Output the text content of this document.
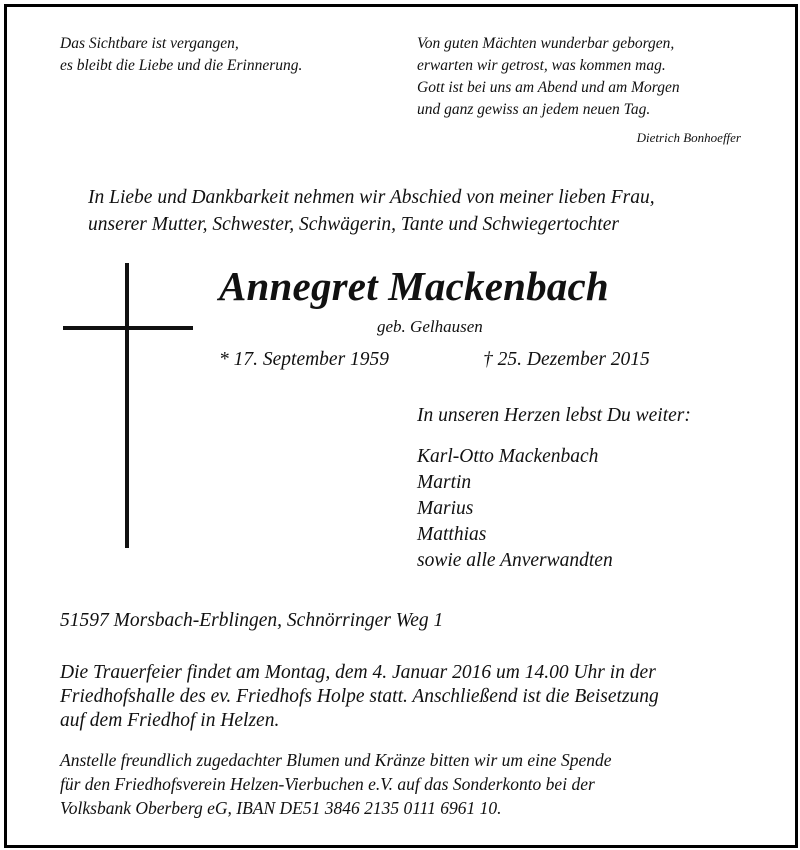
Das Sichtbare ist vergangen,
es bleibt die Liebe und die Erinnerung.
Von guten Mächten wunderbar geborgen,
erwarten wir getrost, was kommen mag.
Gott ist bei uns am Abend und am Morgen
und ganz gewiss an jedem neuen Tag.
Dietrich Bonhoeffer
In Liebe und Dankbarkeit nehmen wir Abschied von meiner lieben Frau,
unserer Mutter, Schwester, Schwägerin, Tante und Schwiegertochter
Annegret Mackenbach
geb. Gelhausen
* 17. September 1959	† 25. Dezember 2015
In unseren Herzen lebst Du weiter:
Karl-Otto Mackenbach
Martin
Marius
Matthias
sowie alle Anverwandten
51597 Morsbach-Erblingen, Schnörringer Weg 1
Die Trauerfeier findet am Montag, dem 4. Januar 2016 um 14.00 Uhr in der
Friedhofshalle des ev. Friedhofs Holpe statt. Anschließend ist die Beisetzung
auf dem Friedhof in Helzen.
Anstelle freundlich zugedachter Blumen und Kränze bitten wir um eine Spende
für den Friedhofsverein Helzen-Vierbuchen e.V. auf das Sonderkonto bei der
Volksbank Oberberg eG, IBAN DE51 3846 2135 0111 6961 10.
